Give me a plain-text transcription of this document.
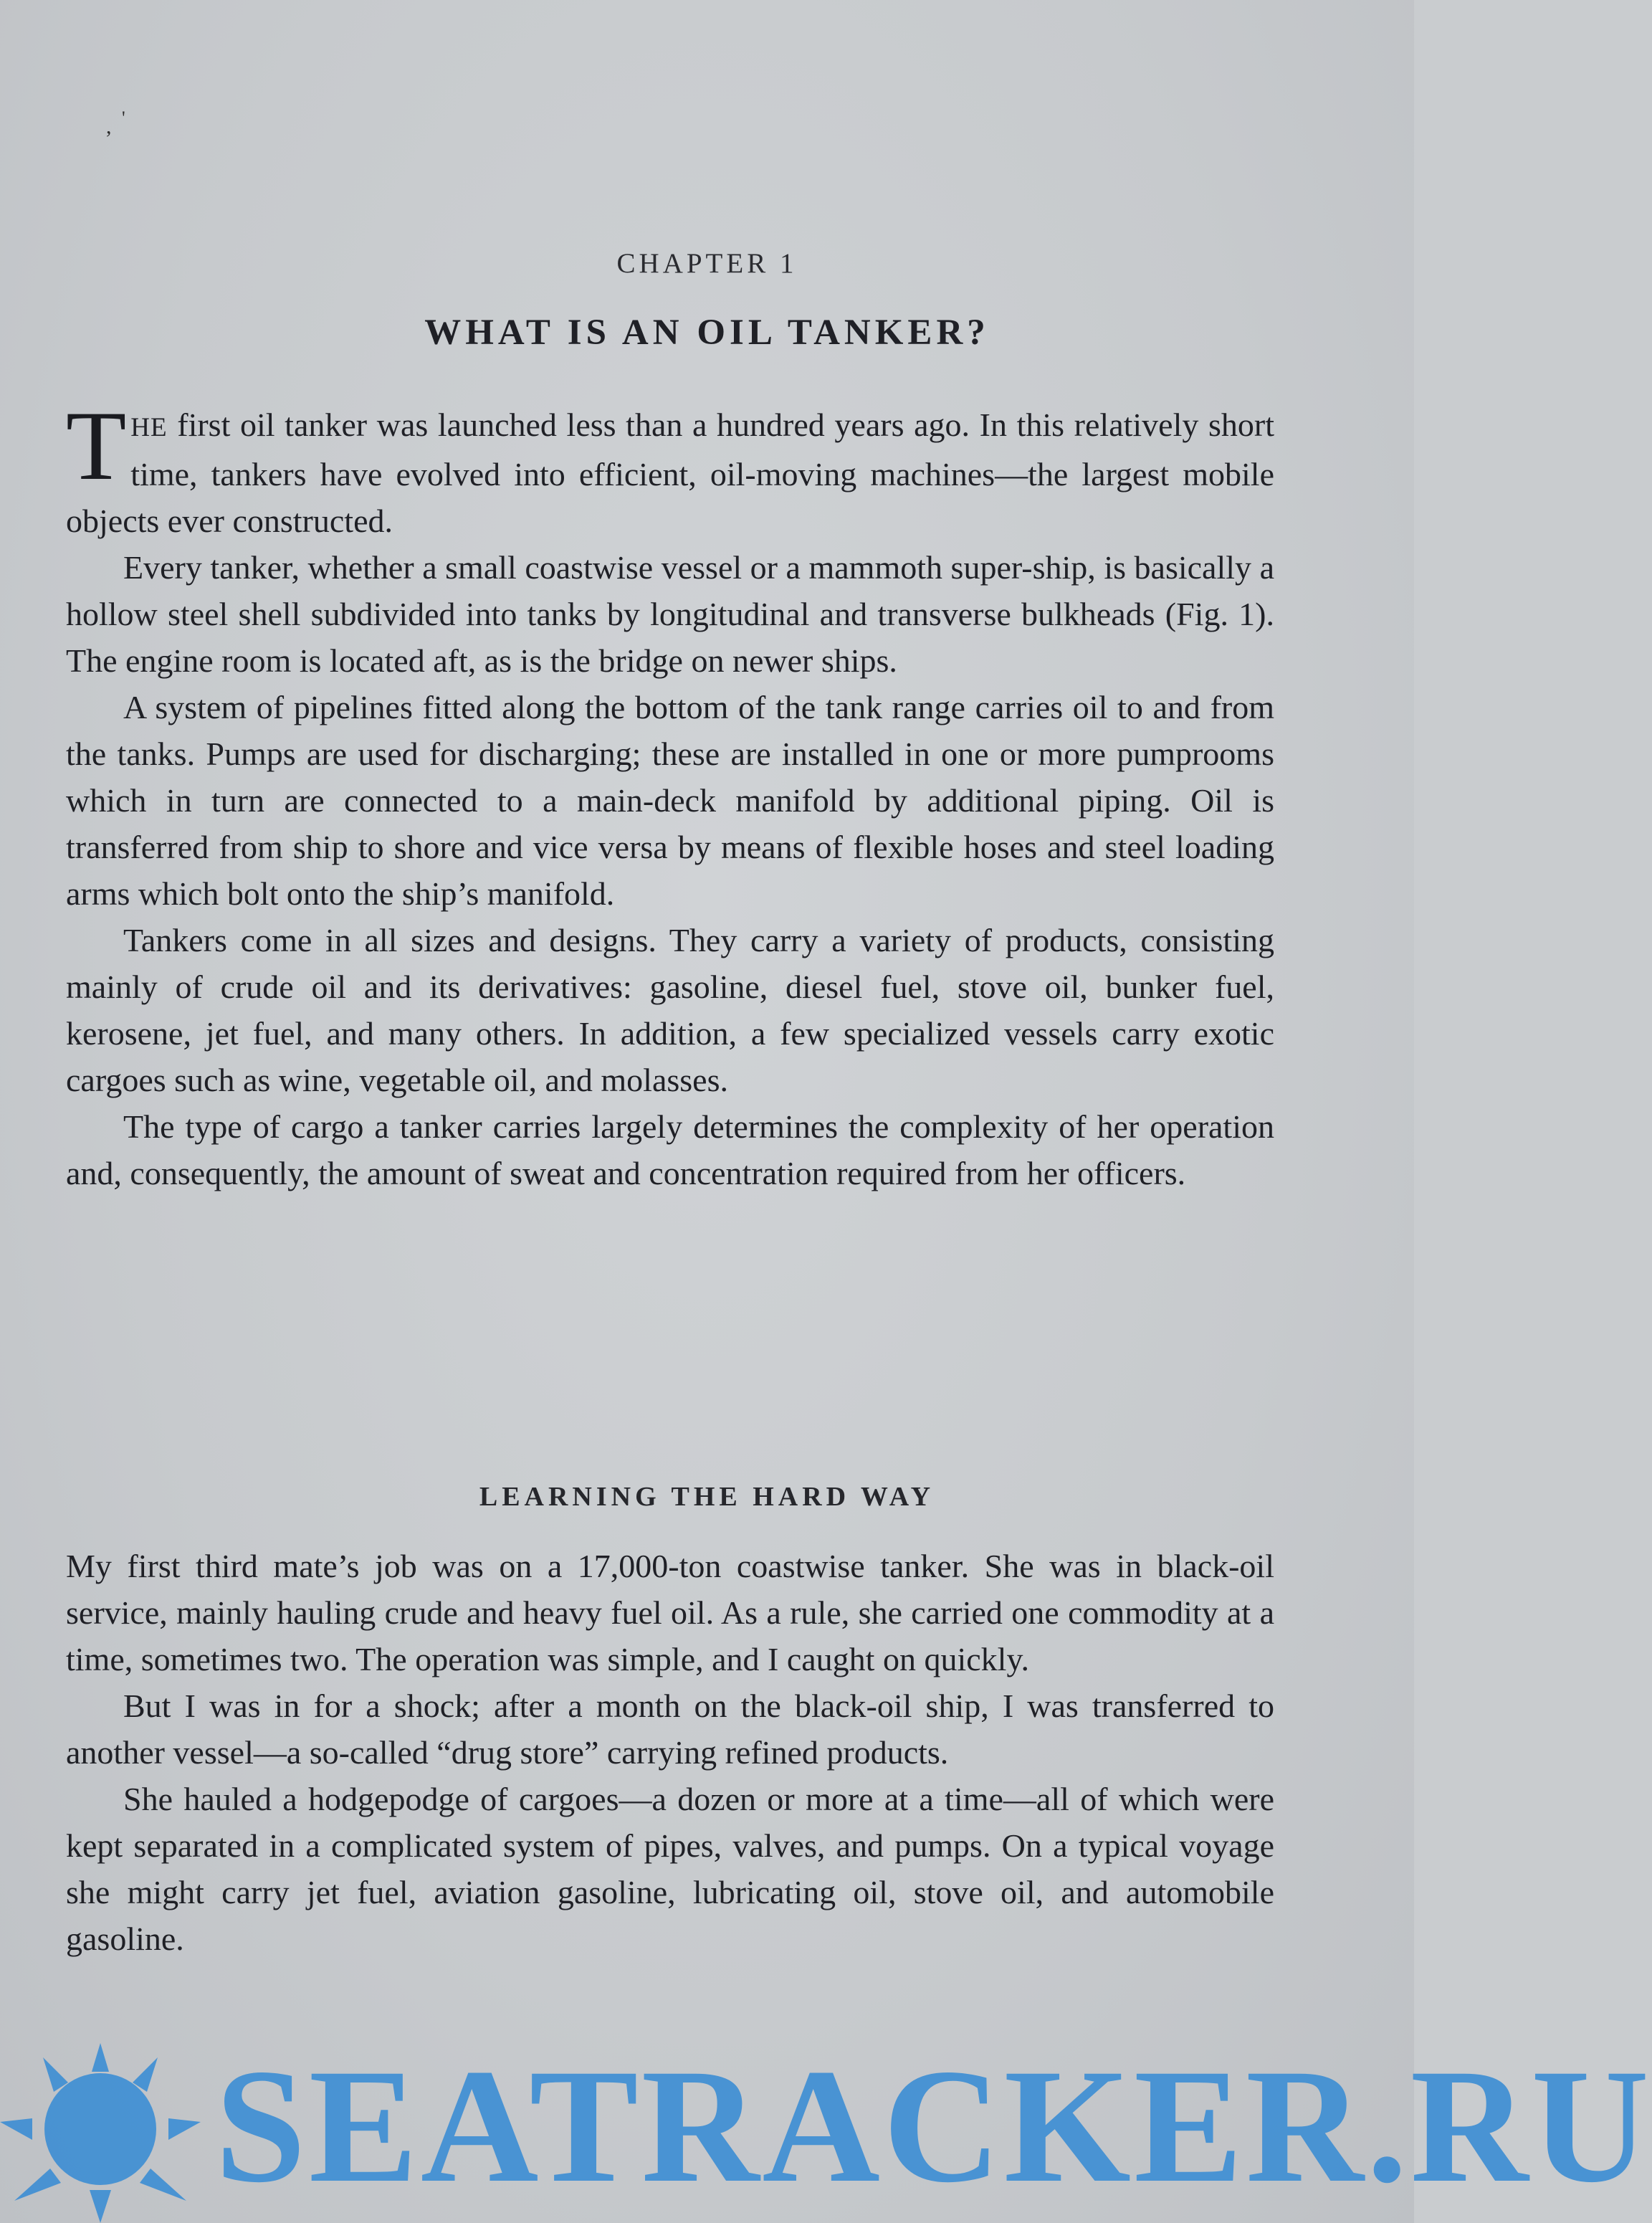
, '
CHAPTER 1
WHAT IS AN OIL TANKER?

THE first oil tanker was launched less than a hundred years ago. In this relatively short time, tankers have evolved into efficient, oil-moving machines—the largest mobile objects ever constructed.

Every tanker, whether a small coastwise vessel or a mammoth super-ship, is basically a hollow steel shell subdivided into tanks by longitudinal and transverse bulkheads (Fig. 1). The engine room is located aft, as is the bridge on newer ships.

A system of pipelines fitted along the bottom of the tank range carries oil to and from the tanks. Pumps are used for discharging; these are installed in one or more pumprooms which in turn are connected to a main-deck manifold by additional piping. Oil is transferred from ship to shore and vice versa by means of flexible hoses and steel loading arms which bolt onto the ship’s manifold.

Tankers come in all sizes and designs. They carry a variety of products, consisting mainly of crude oil and its derivatives: gasoline, diesel fuel, stove oil, bunker fuel, kerosene, jet fuel, and many others. In addition, a few specialized vessels carry exotic cargoes such as wine, vegetable oil, and molasses.

The type of cargo a tanker carries largely determines the complexity of her operation and, consequently, the amount of sweat and concentration required from her officers.

LEARNING THE HARD WAY

My first third mate’s job was on a 17,000-ton coastwise tanker. She was in black-oil service, mainly hauling crude and heavy fuel oil. As a rule, she carried one commodity at a time, sometimes two. The operation was simple, and I caught on quickly.

But I was in for a shock; after a month on the black-oil ship, I was transferred to another vessel—a so-called “drug store” carrying refined products.

She hauled a hodgepodge of cargoes—a dozen or more at a time—all of which were kept separated in a complicated system of pipes, valves, and pumps. On a typical voyage she might carry jet fuel, aviation gasoline, lubricating oil, stove oil, and automobile gasoline.

SEATRACKER.RU
